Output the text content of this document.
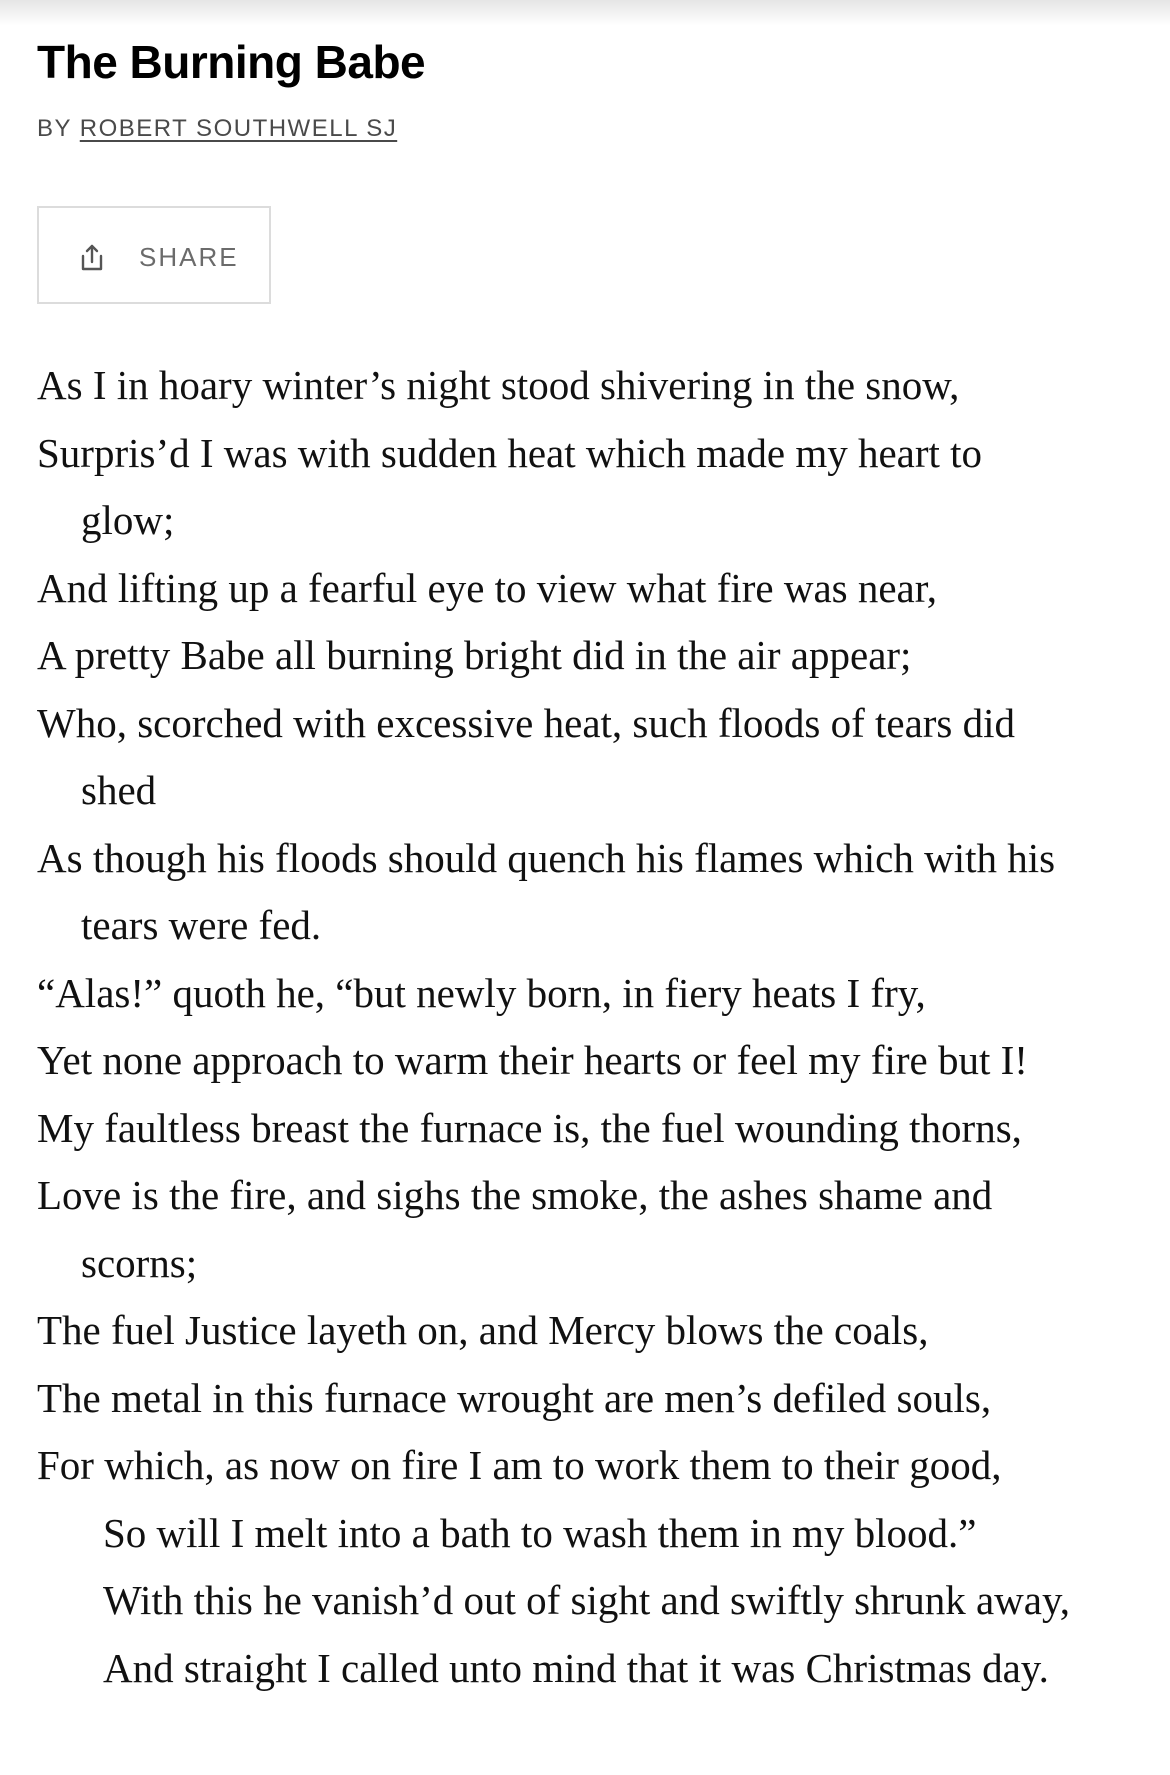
The Burning Babe
BY ROBERT SOUTHWELL SJ
SHARE
As I in hoary winter’s night stood shivering in the snow,
Surpris’d I was with sudden heat which made my heart to
glow;
And lifting up a fearful eye to view what fire was near,
A pretty Babe all burning bright did in the air appear;
Who, scorched with excessive heat, such floods of tears did
shed
As though his floods should quench his flames which with his
tears were fed.
“Alas!” quoth he, “but newly born, in fiery heats I fry,
Yet none approach to warm their hearts or feel my fire but I!
My faultless breast the furnace is, the fuel wounding thorns,
Love is the fire, and sighs the smoke, the ashes shame and
scorns;
The fuel Justice layeth on, and Mercy blows the coals,
The metal in this furnace wrought are men’s defiled souls,
For which, as now on fire I am to work them to their good,
So will I melt into a bath to wash them in my blood.”
With this he vanish’d out of sight and swiftly shrunk away,
And straight I called unto mind that it was Christmas day.
